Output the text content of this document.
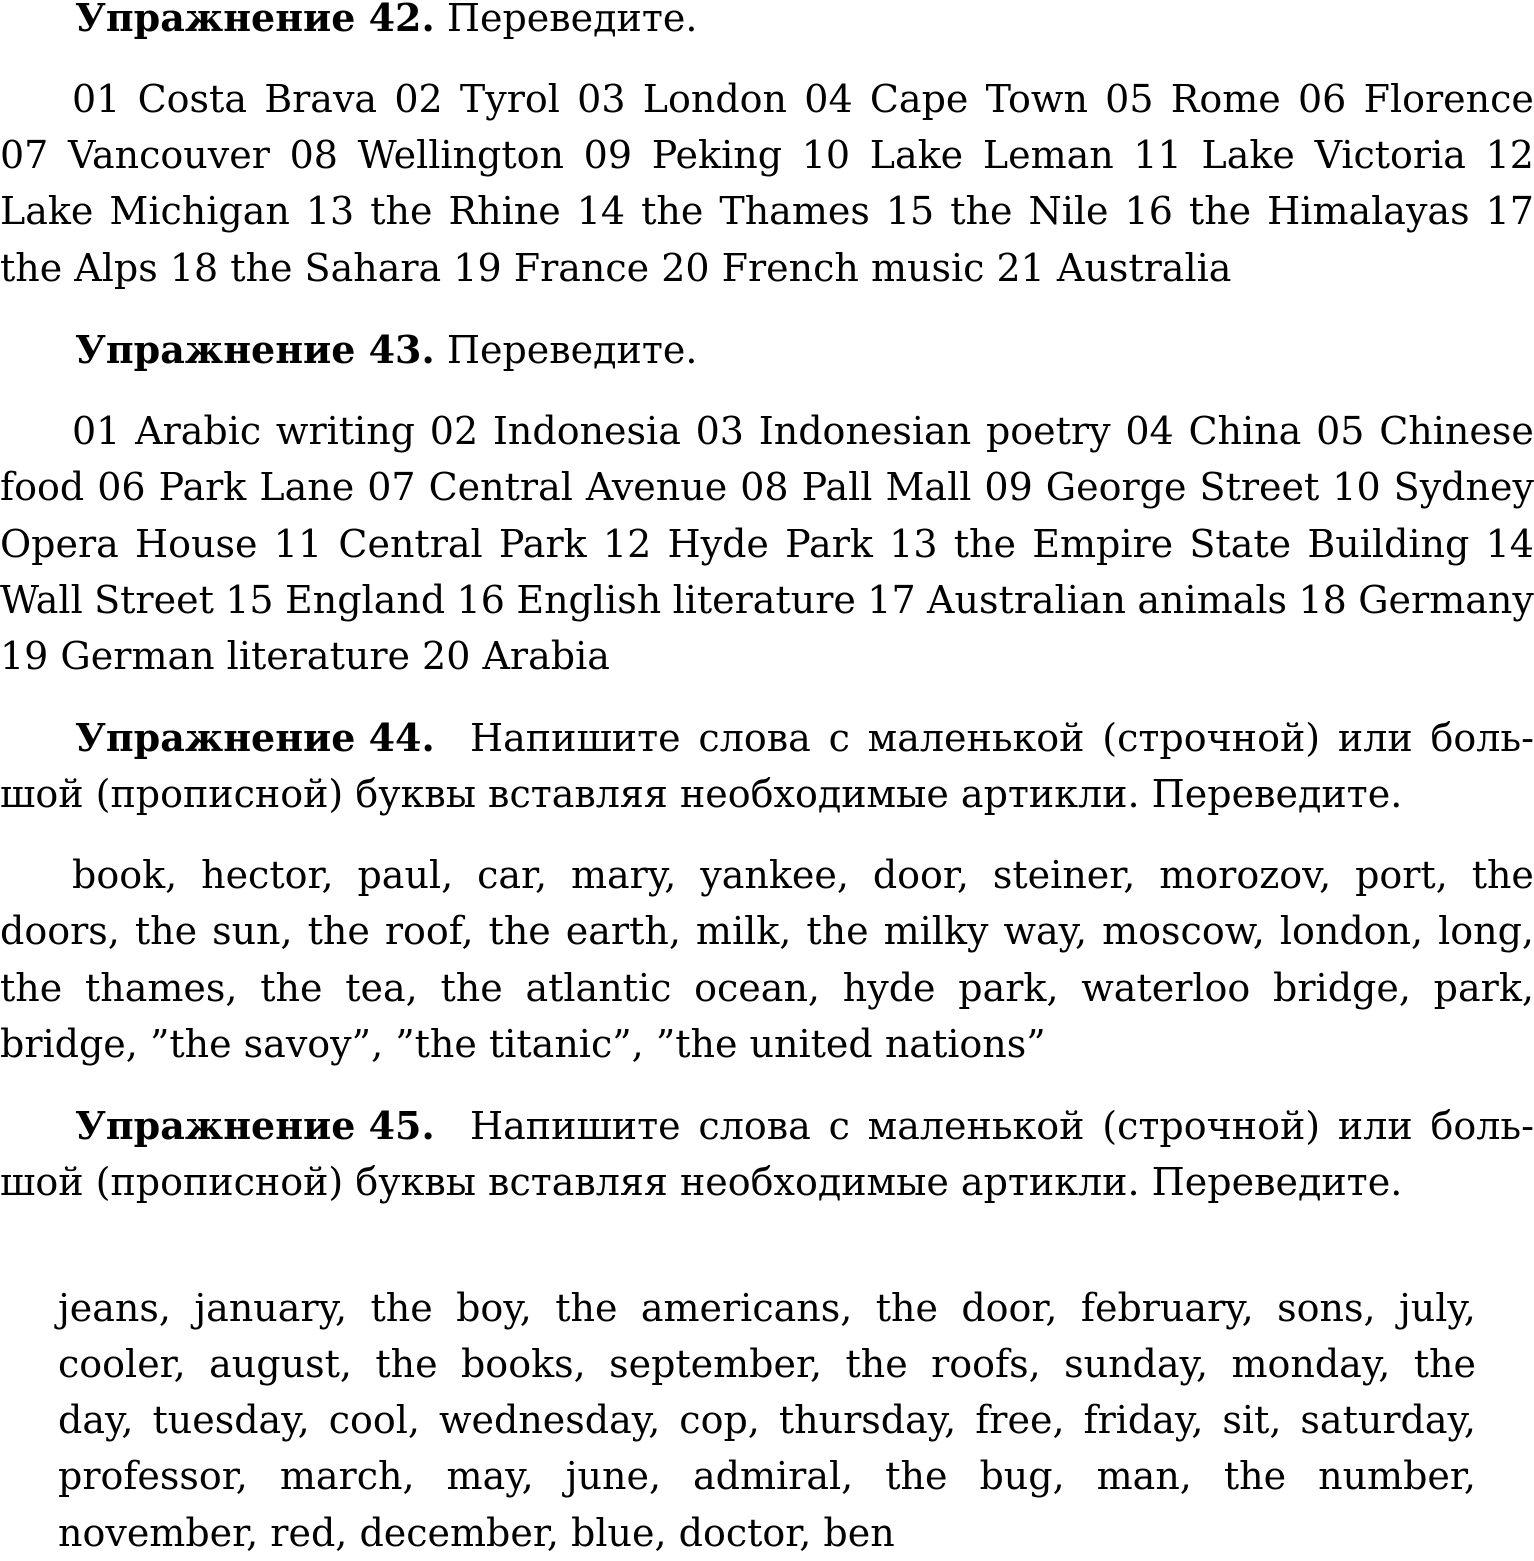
Упражнение 42. Переведите.
01 Costa Brava 02 Tyrol 03 London 04 Cape Town 05 Rome 06 Florence
07 Vancouver 08 Wellington 09 Peking 10 Lake Leman 11 Lake Victoria 12
Lake Michigan 13 the Rhine 14 the Thames 15 the Nile 16 the Himalayas 17
the Alps 18 the Sahara 19 France 20 French music 21 Australia
Упражнение 43. Переведите.
01 Arabic writing 02 Indonesia 03 Indonesian poetry 04 China 05 Chinese
food 06 Park Lane 07 Central Avenue 08 Pall Mall 09 George Street 10 Sydney
Opera House 11 Central Park 12 Hyde Park 13 the Empire State Building 14
Wall Street 15 England 16 English literature 17 Australian animals 18 Germany
19 German literature 20 Arabia
Упражнение 44. Напишите слова с маленькой (строчной) или боль-
шой (прописной) буквы вставляя необходимые артикли. Переведите.
book, hector, paul, car, mary, yankee, door, steiner, morozov, port, the
doors, the sun, the roof, the earth, milk, the milky way, moscow, london, long,
the thames, the tea, the atlantic ocean, hyde park, waterloo bridge, park,
bridge, ”the savoy”, ”the titanic”, ”the united nations”
Упражнение 45. Напишите слова с маленькой (строчной) или боль-
шой (прописной) буквы вставляя необходимые артикли. Переведите.
jeans, january, the boy, the americans, the door, february, sons, july,
cooler, august, the books, september, the roofs, sunday, monday, the
day, tuesday, cool, wednesday, cop, thursday, free, friday, sit, saturday,
professor, march, may, june, admiral, the bug, man, the number,
november, red, december, blue, doctor, ben
